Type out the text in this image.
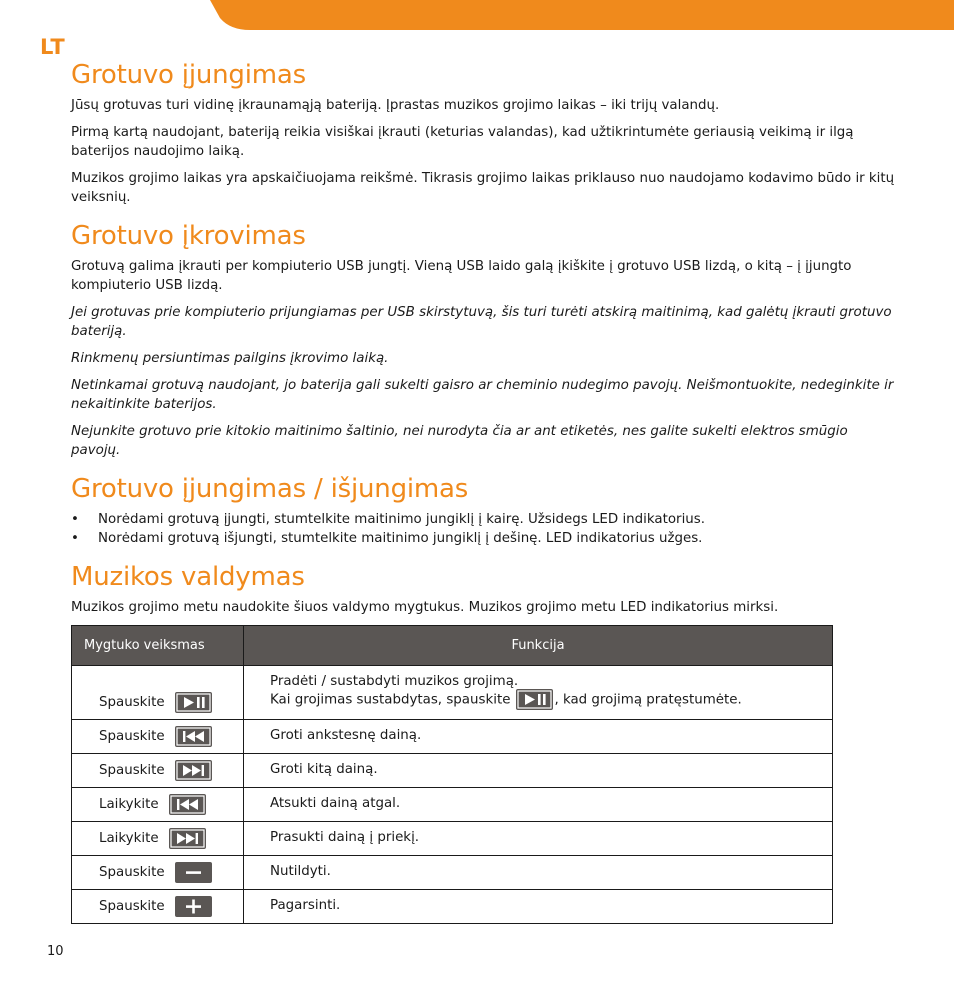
LT
Grotuvo įjungimas

Jūsų grotuvas turi vidinę įkraunamąją bateriją. Įprastas muzikos grojimo laikas – iki trijų valandų.

Pirmą kartą naudojant, bateriją reikia visiškai įkrauti (keturias valandas), kad užtikrintumėte geriausią veikimą ir ilgą baterijos naudojimo laiką.

Muzikos grojimo laikas yra apskaičiuojama reikšmė. Tikrasis grojimo laikas priklauso nuo naudojamo kodavimo būdo ir kitų veiksnių.

Grotuvo įkrovimas

Grotuvą galima įkrauti per kompiuterio USB jungtį. Vieną USB laido galą įkiškite į grotuvo USB lizdą, o kitą – į įjungto kompiuterio USB lizdą.

Jei grotuvas prie kompiuterio prijungiamas per USB skirstytuvą, šis turi turėti atskirą maitinimą, kad galėtų įkrauti grotuvo bateriją.

Rinkmenų persiuntimas pailgins įkrovimo laiką.

Netinkamai grotuvą naudojant, jo baterija gali sukelti gaisro ar cheminio nudegimo pavojų. Neišmontuokite, nedeginkite ir nekaitinkite baterijos.

Nejunkite grotuvo prie kitokio maitinimo šaltinio, nei nurodyta čia ar ant etiketės, nes galite sukelti elektros smūgio pavojų.

Grotuvo įjungimas / išjungimas
• Norėdami grotuvą įjungti, stumtelkite maitinimo jungiklį į kairę. Užsidegs LED indikatorius.
• Norėdami grotuvą išjungti, stumtelkite maitinimo jungiklį į dešinę. LED indikatorius užges.
Muzikos valdymas

Muzikos grojimo metu naudokite šiuos valdymo mygtukus. Muzikos grojimo metu LED indikatorius mirksi.

Mygtuko veiksmas	Funkcija
Spauskite	Pradėti / sustabdyti muzikos grojimą.
Kai grojimas sustabdytas, spauskite , kad grojimą pratęstumėte.

Spauskite	Groti ankstesnę dainą.
Spauskite	Groti kitą dainą.
Laikykite	Atsukti dainą atgal.
Laikykite	Prasukti dainą į priekį.
Spauskite	Nutildyti.
Spauskite	Pagarsinti.
10
